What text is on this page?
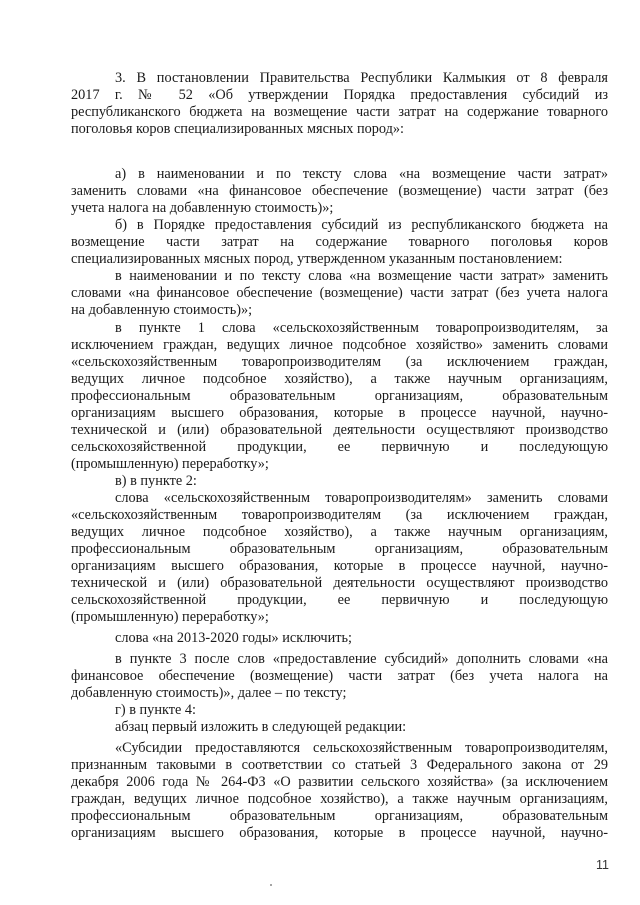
3. В постановлении Правительства Республики Калмыкия от 8 февраля
2017 г. № 52 «Об утверждении Порядка предоставления субсидий из
республиканского бюджета на возмещение части затрат на содержание товарного
поголовья коров специализированных мясных пород»:
а) в наименовании и по тексту слова «на возмещение части затрат»
заменить словами «на финансовое обеспечение (возмещение) части затрат (без
учета налога на добавленную стоимость)»;
б) в Порядке предоставления субсидий из республиканского бюджета на
возмещение части затрат на содержание товарного поголовья коров
специализированных мясных пород, утвержденном указанным постановлением:
в наименовании и по тексту слова «на возмещение части затрат» заменить
словами «на финансовое обеспечение (возмещение) части затрат (без учета налога
на добавленную стоимость)»;
в пункте 1 слова «сельскохозяйственным товаропроизводителям, за
исключением граждан, ведущих личное подсобное хозяйство» заменить словами
«сельскохозяйственным товаропроизводителям (за исключением граждан,
ведущих личное подсобное хозяйство), а также научным организациям,
профессиональным образовательным организациям, образовательным
организациям высшего образования, которые в процессе научной, научно-
технической и (или) образовательной деятельности осуществляют производство
сельскохозяйственной продукции, ее первичную и последующую
(промышленную) переработку»;
в) в пункте 2:
слова «сельскохозяйственным товаропроизводителям» заменить словами
«сельскохозяйственным товаропроизводителям (за исключением граждан,
ведущих личное подсобное хозяйство), а также научным организациям,
профессиональным образовательным организациям, образовательным
организациям высшего образования, которые в процессе научной, научно-
технической и (или) образовательной деятельности осуществляют производство
сельскохозяйственной продукции, ее первичную и последующую
(промышленную) переработку»;
слова «на 2013-2020 годы» исключить;
в пункте 3 после слов «предоставление субсидий» дополнить словами «на
финансовое обеспечение (возмещение) части затрат (без учета налога на
добавленную стоимость)», далее – по тексту;
г) в пункте 4:
абзац первый изложить в следующей редакции:
«Субсидии предоставляются сельскохозяйственным товаропроизводителям,
признанным таковыми в соответствии со статьей 3 Федерального закона от 29
декабря 2006 года № 264-ФЗ «О развитии сельского хозяйства» (за исключением
граждан, ведущих личное подсобное хозяйство), а также научным организациям,
профессиональным образовательным организациям, образовательным
организациям высшего образования, которые в процессе научной, научно-
11
